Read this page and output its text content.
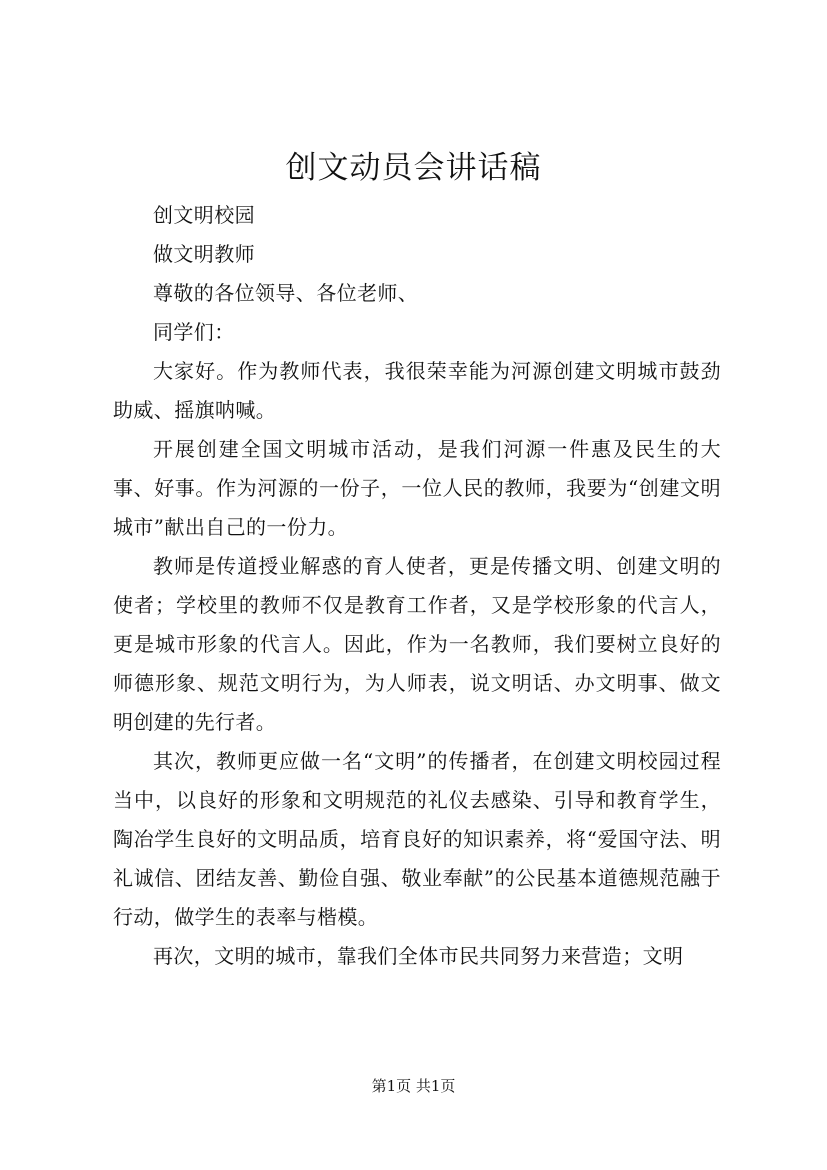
创文动员会讲话稿

创文明校园

做文明教师

尊敬的各位领导、各位老师、

同学们：

大家好。作为教师代表，我很荣幸能为河源创建文明城市鼓劲助威、摇旗呐喊。

开展创建全国文明城市活动，是我们河源一件惠及民生的大事、好事。作为河源的一份子，一位人民的教师，我要为“创建文明城市”献出自己的一份力。

教师是传道授业解惑的育人使者，更是传播文明、创建文明的使者；学校里的教师不仅是教育工作者，又是学校形象的代言人，更是城市形象的代言人。因此，作为一名教师，我们要树立良好的师德形象、规范文明行为，为人师表，说文明话、办文明事、做文明创建的先行者。

其次，教师更应做一名“文明”的传播者，在创建文明校园过程当中，以良好的形象和文明规范的礼仪去感染、引导和教育学生，陶冶学生良好的文明品质，培育良好的知识素养，将“爱国守法、明礼诚信、团结友善、勤俭自强、敬业奉献”的公民基本道德规范融于行动，做学生的表率与楷模。

再次，文明的城市，靠我们全体市民共同努力来营造；文明

第1页 共1页
